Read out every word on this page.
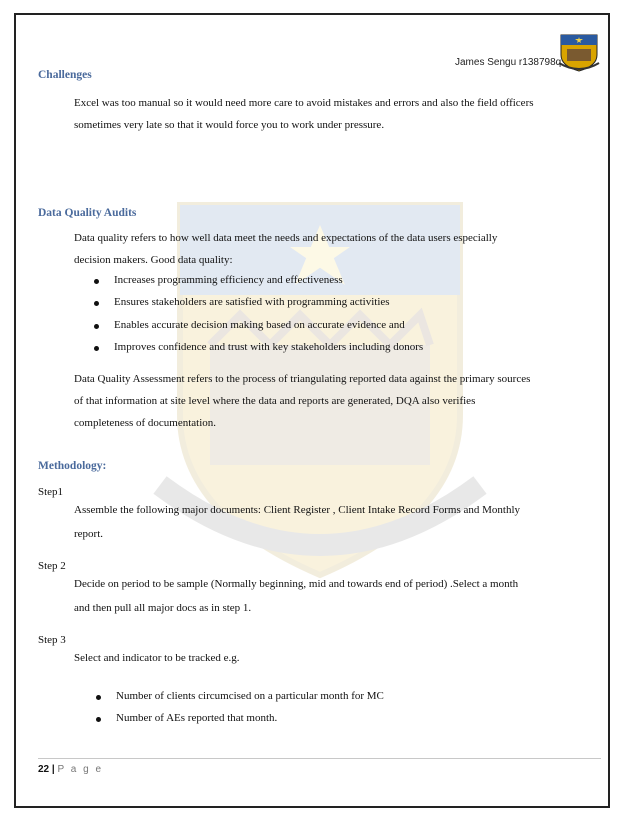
James Sengu r138798q
Challenges
Excel was too manual so it would need more care to avoid mistakes and errors and also the field officers
sometimes very late so that it would force you to work under pressure.
Data Quality Audits
Data quality refers to how well data meet the needs and expectations of the data users especially
decision makers. Good data quality:
Increases programming efficiency and effectiveness
Ensures stakeholders are satisfied with programming activities
Enables accurate decision making based on accurate evidence and
Improves confidence and trust with key stakeholders including donors
Data Quality Assessment refers to the process of triangulating reported data against the primary sources
of that information at site level where the data and reports are generated, DQA also verifies
completeness of documentation.
Methodology:
Step1
Assemble the following major documents: Client Register , Client Intake Record Forms and Monthly
report.
Step 2
Decide on period to be sample (Normally beginning, mid and towards end of period) .Select a month
and then pull all major docs as in step 1.
Step 3
Select and indicator to be tracked e.g.
Number of clients circumcised on a particular month for MC
Number of AEs reported that month.
22 | P a g e
